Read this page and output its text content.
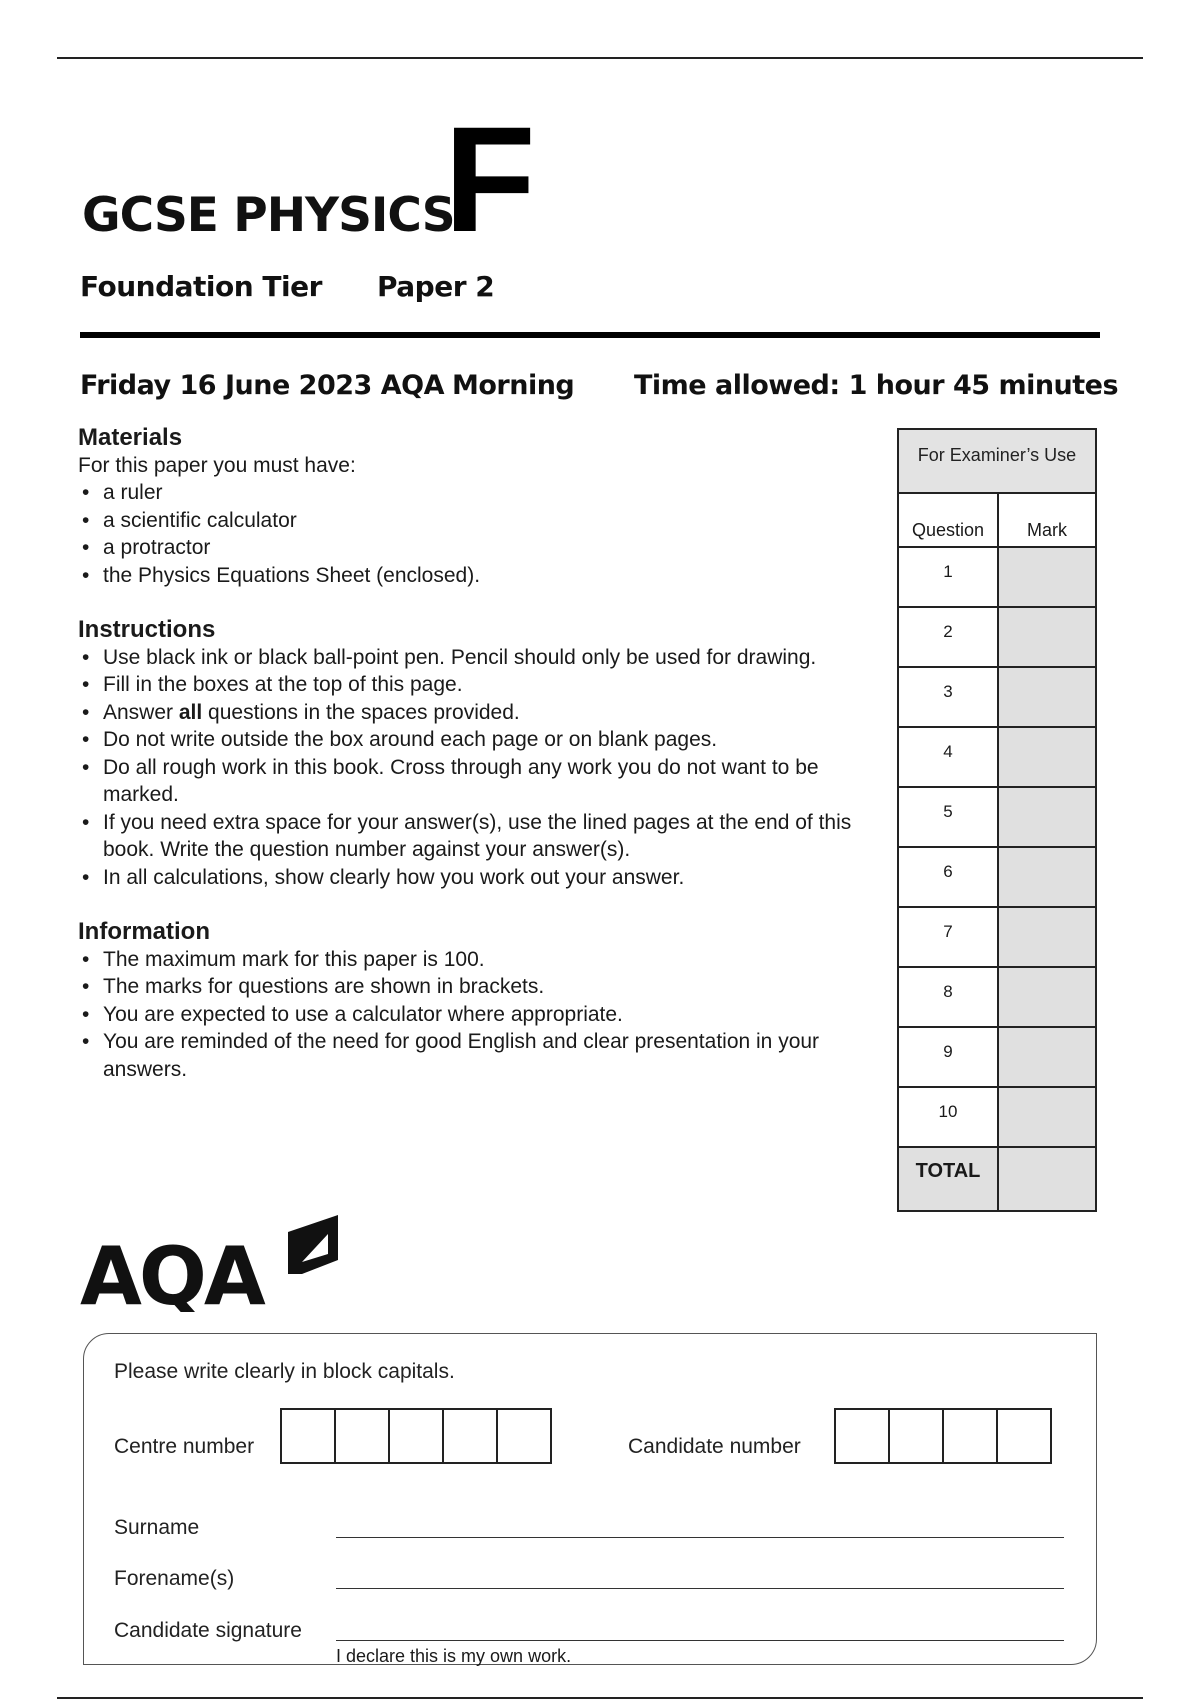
GCSE PHYSICS
F
Foundation Tier Paper 2
Friday 16 June 2023 AQA Morning Time allowed: 1 hour 45 minutes
Materials

For this paper you must have:

• a ruler
• a scientific calculator
• a protractor
• the Physics Equations Sheet (enclosed).
Instructions
• Use black ink or black ball-point pen. Pencil should only be used for drawing.
• Fill in the boxes at the top of this page.
• Answer all questions in the spaces provided.
• Do not write outside the box around each page or on blank pages.
• Do all rough work in this book. Cross through any work you do not want to be marked.
• If you need extra space for your answer(s), use the lined pages at the end of this book. Write the question number against your answer(s).
• In all calculations, show clearly how you work out your answer.
Information
• The maximum mark for this paper is 100.
• The marks for questions are shown in brackets.
• You are expected to use a calculator where appropriate.
• You are reminded of the need for good English and clear presentation in your answers.
For Examiner’s Use
Question	Mark
1
2
3
4
5
6
7
8
9
10
TOTAL
AQA
Please write clearly in block capitals.
Centre number	Candidate number
Surname
Forename(s)
Candidate signature
I declare this is my own work.
